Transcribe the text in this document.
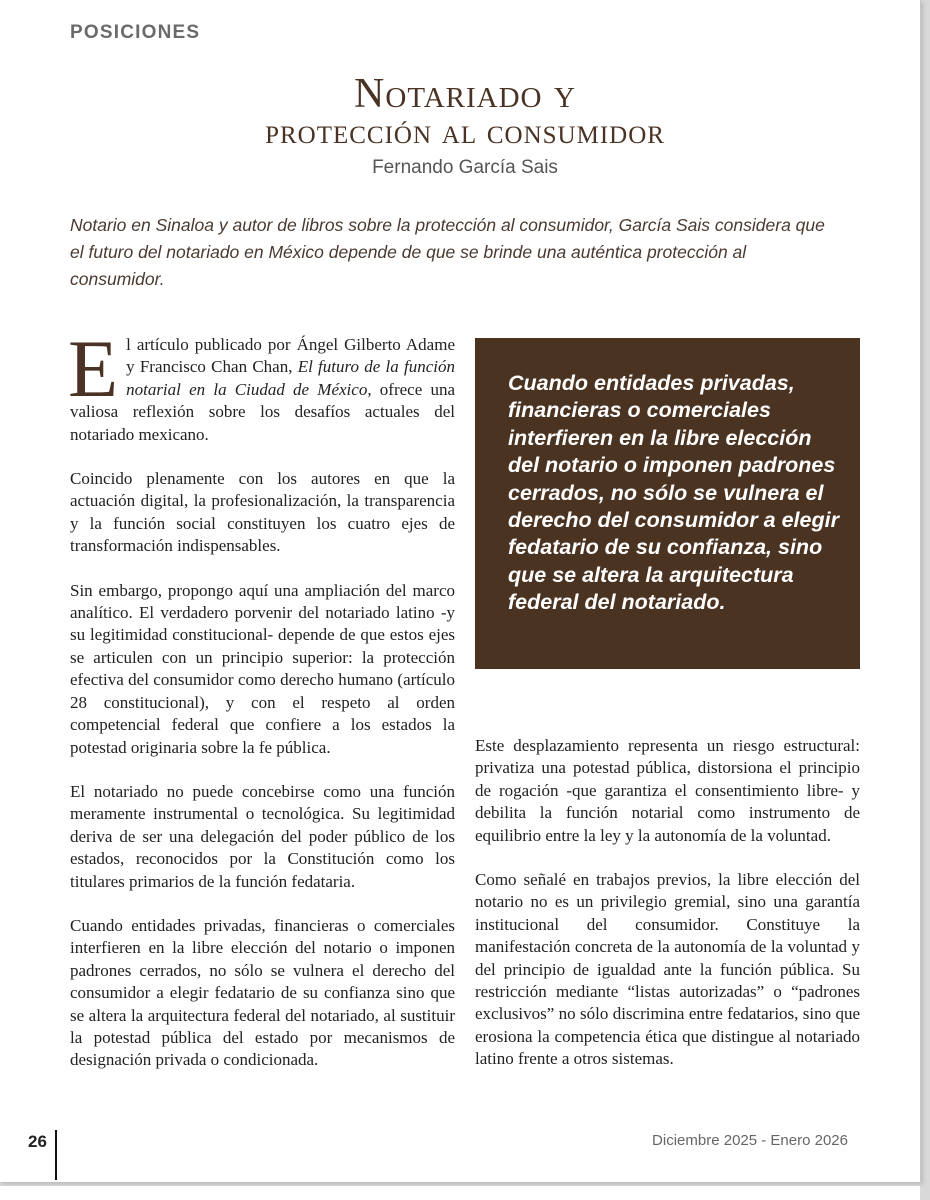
POSICIONES
Notariado y
protección al consumidor
Fernando García Sais
Notario en Sinaloa y autor de libros sobre la protección al consumidor, García Sais considera que el futuro del notariado en México depende de que se brinde una auténtica protección al consumidor.

El artículo publicado por Ángel Gilberto Adame y Francisco Chan Chan, El futuro de la función notarial en la Ciudad de México, ofrece una valiosa reflexión sobre los desafíos actuales del notariado mexicano.

Coincido plenamente con los autores en que la actuación digital, la profesionalización, la transparencia y la función social constituyen los cuatro ejes de transformación indispensables.

Sin embargo, propongo aquí una ampliación del marco analítico. El verdadero porvenir del notariado latino -y su legitimidad constitucional- depende de que estos ejes se articulen con un principio superior: la protección efectiva del consumidor como derecho humano (artículo 28 constitucional), y con el respeto al orden competencial federal que confiere a los estados la potestad originaria sobre la fe pública.

El notariado no puede concebirse como una función meramente instrumental o tecnológica. Su legitimidad deriva de ser una delegación del poder público de los estados, reconocidos por la Constitución como los titulares primarios de la función fedataria.

Cuando entidades privadas, financieras o comerciales interfieren en la libre elección del notario o imponen padrones cerrados, no sólo se vulnera el derecho del consumidor a elegir fedatario de su confianza sino que se altera la arquitectura federal del notariado, al sustituir la potestad pública del estado por mecanismos de designación privada o condicionada.

Cuando entidades privadas, financieras o comerciales interfieren en la libre elección del notario o imponen padrones cerrados, no sólo se vulnera el derecho del consumidor a elegir fedatario de su confianza, sino que se altera la arquitectura federal del notariado.

Este desplazamiento representa un riesgo estructural: privatiza una potestad pública, distorsiona el principio de rogación -que garantiza el consentimiento libre- y debilita la función notarial como instrumento de equilibrio entre la ley y la autonomía de la voluntad.

Como señalé en trabajos previos, la libre elección del notario no es un privilegio gremial, sino una garantía institucional del consumidor. Constituye la manifestación concreta de la autonomía de la voluntad y del principio de igualdad ante la función pública. Su restricción mediante “listas autorizadas” o “padrones exclusivos” no sólo discrimina entre fedatarios, sino que erosiona la competencia ética que distingue al notariado latino frente a otros sistemas.

26	Diciembre 2025 - Enero 2026
